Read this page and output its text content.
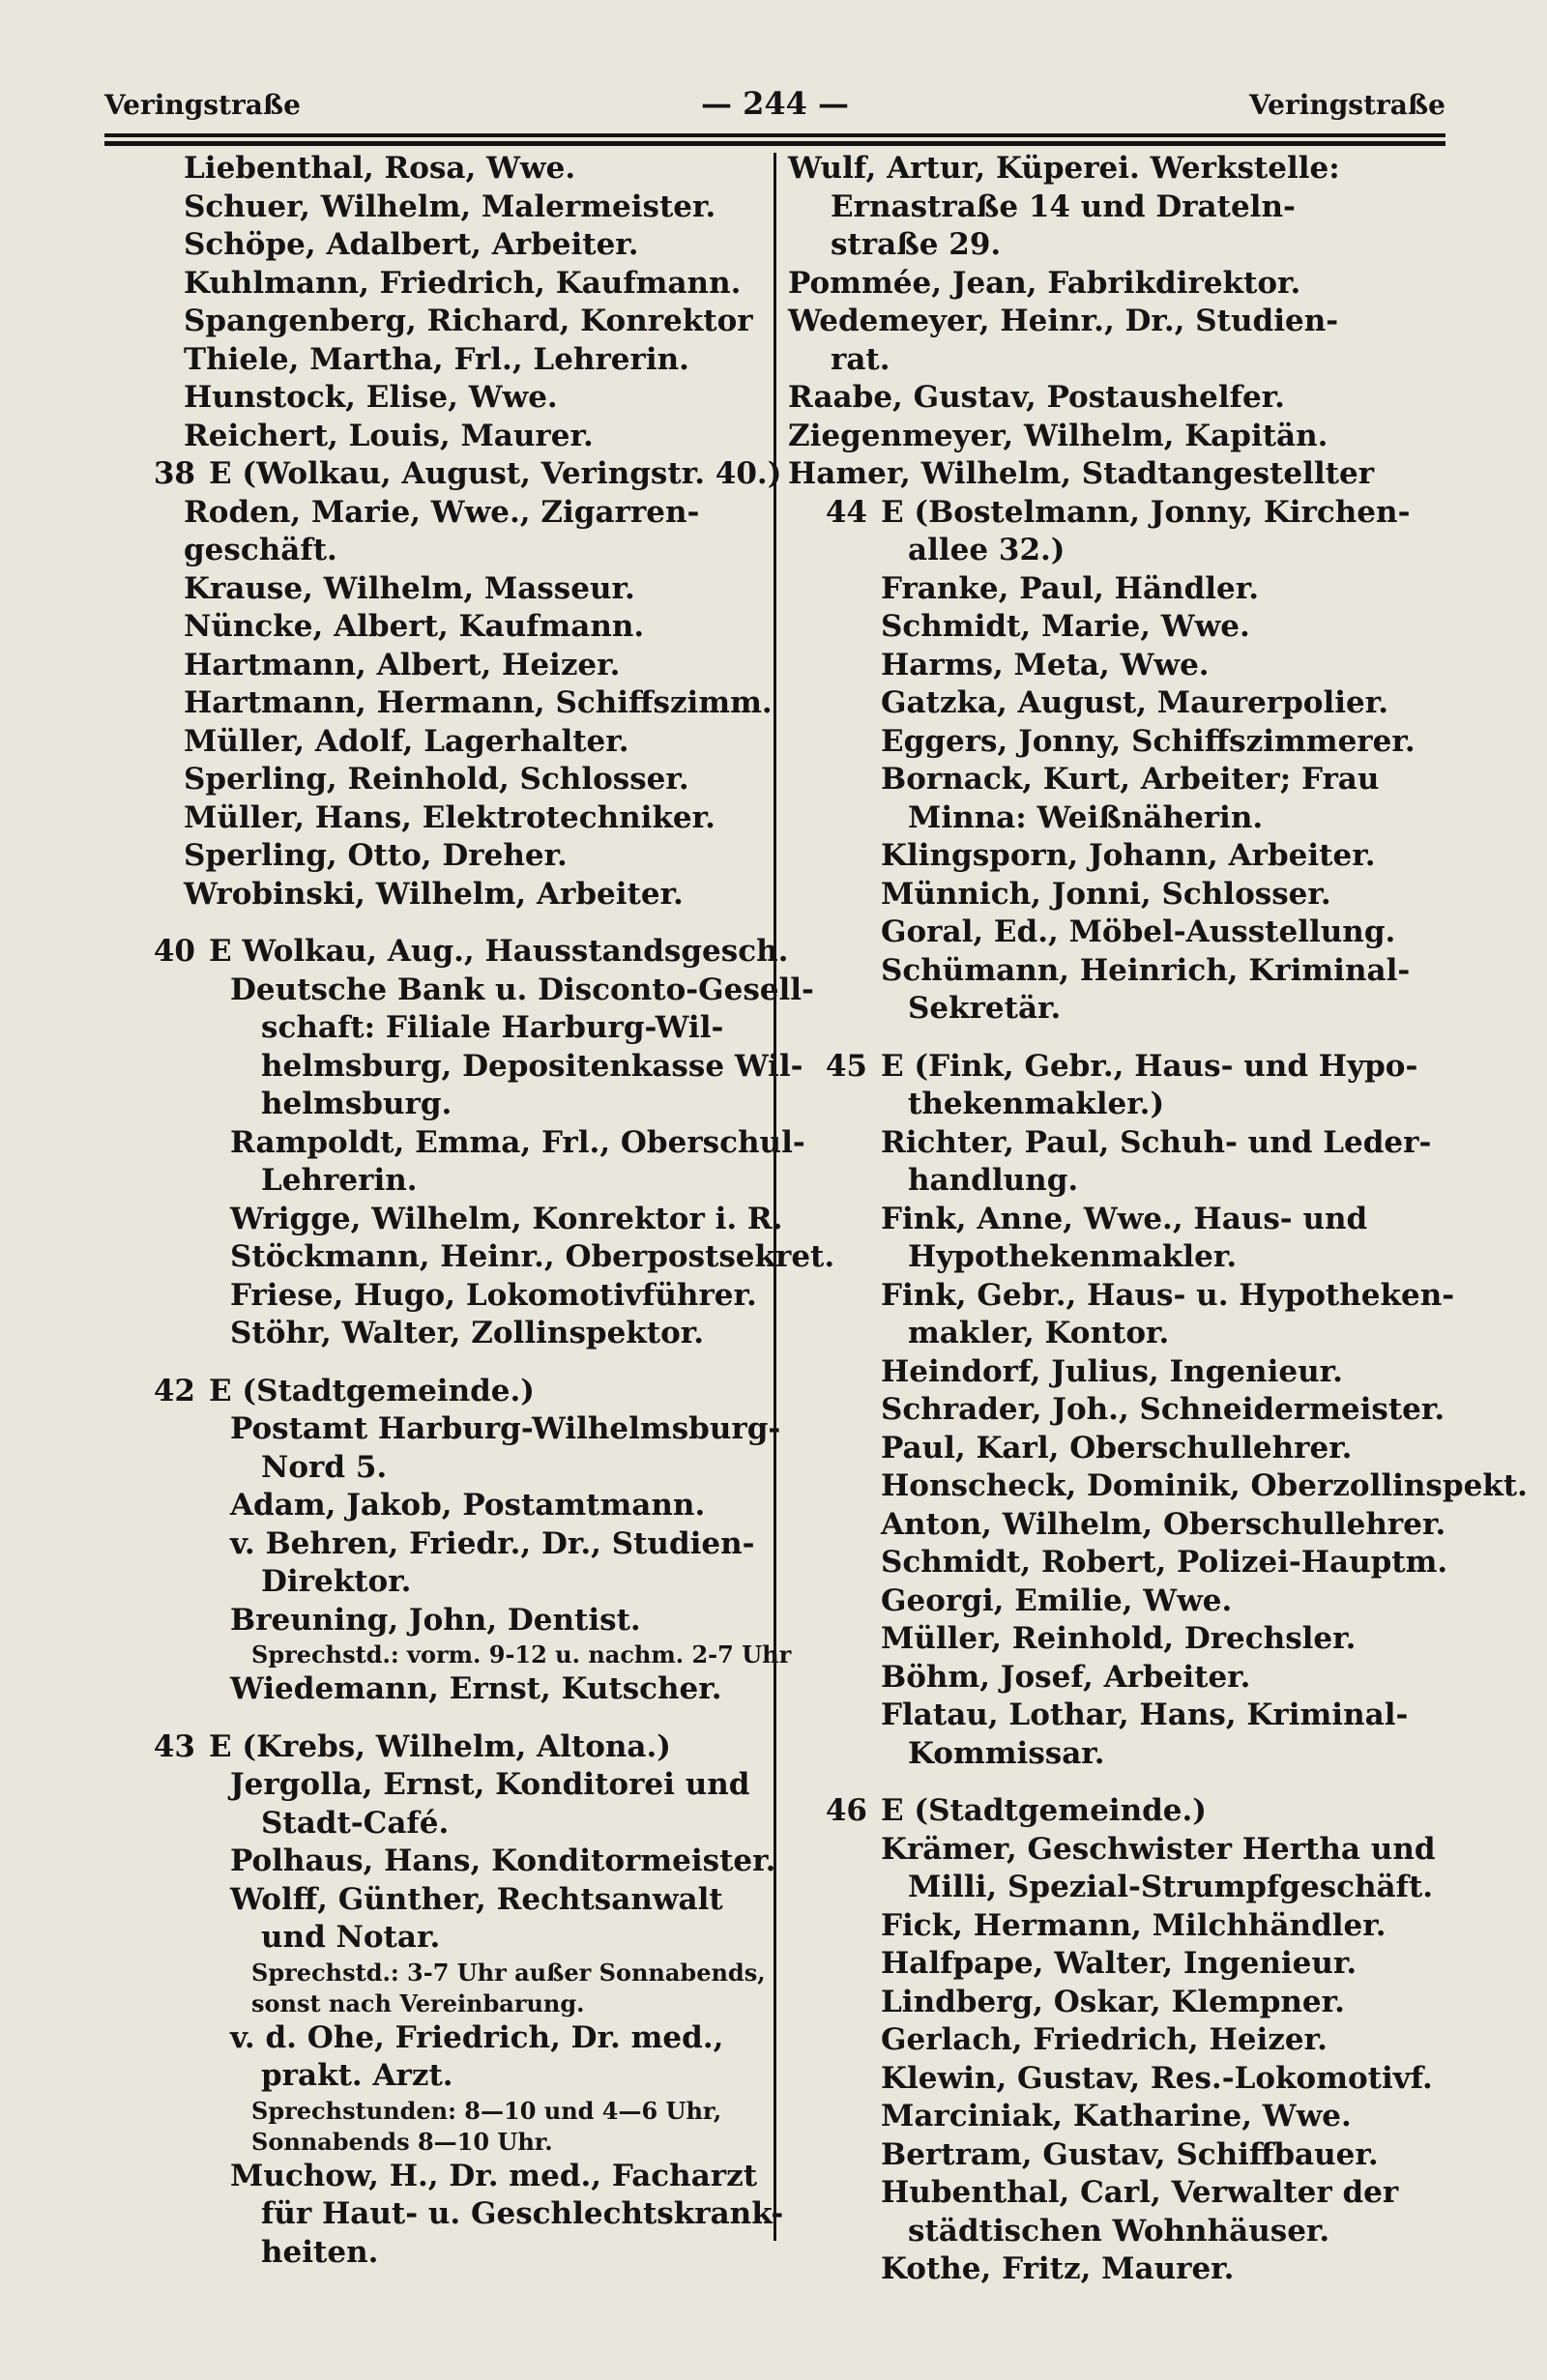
Veringstraße	— 244 —	Veringstraße
Liebenthal, Rosa, Wwe.
Schuer, Wilhelm, Malermeister.
Schöpe, Adalbert, Arbeiter.
Kuhlmann, Friedrich, Kaufmann.
Spangenberg, Richard, Konrektor
Thiele, Martha, Frl., Lehrerin.
Hunstock, Elise, Wwe.
Reichert, Louis, Maurer.
38 E (Wolkau, August, Veringstr. 40.)
Roden, Marie, Wwe., Zigarren-
geschäft.
Krause, Wilhelm, Masseur.
Nüncke, Albert, Kaufmann.
Hartmann, Albert, Heizer.
Hartmann, Hermann, Schiffszimm.
Müller, Adolf, Lagerhalter.
Sperling, Reinhold, Schlosser.
Müller, Hans, Elektrotechniker.
Sperling, Otto, Dreher.
Wrobinski, Wilhelm, Arbeiter.
40 E Wolkau, Aug., Hausstandsgesch.
Deutsche Bank u. Disconto-Gesell-
schaft: Filiale Harburg-Wil-
helmsburg, Depositenkasse Wil-
helmsburg.
Rampoldt, Emma, Frl., Oberschul-
Lehrerin.
Wrigge, Wilhelm, Konrektor i. R.
Stöckmann, Heinr., Oberpostsekret.
Friese, Hugo, Lokomotivführer.
Stöhr, Walter, Zollinspektor.
42 E (Stadtgemeinde.)
Postamt Harburg-Wilhelmsburg-
Nord 5.
Adam, Jakob, Postamtmann.
v. Behren, Friedr., Dr., Studien-
Direktor.
Breuning, John, Dentist.
Sprechstd.: vorm. 9-12 u. nachm. 2-7 Uhr
Wiedemann, Ernst, Kutscher.
43 E (Krebs, Wilhelm, Altona.)
Jergolla, Ernst, Konditorei und
Stadt-Café.
Polhaus, Hans, Konditormeister.
Wolff, Günther, Rechtsanwalt
und Notar.
Sprechstd.: 3-7 Uhr außer Sonnabends,
sonst nach Vereinbarung.
v. d. Ohe, Friedrich, Dr. med.,
prakt. Arzt.
Sprechstunden: 8—10 und 4—6 Uhr,
Sonnabends 8—10 Uhr.
Muchow, H., Dr. med., Facharzt
für Haut- u. Geschlechtskrank-
heiten.
Wulf, Artur, Küperei. Werkstelle:
Ernastraße 14 und Drateln-
straße 29.
Pommée, Jean, Fabrikdirektor.
Wedemeyer, Heinr., Dr., Studien-
rat.
Raabe, Gustav, Postaushelfer.
Ziegenmeyer, Wilhelm, Kapitän.
Hamer, Wilhelm, Stadtangestellter
44 E (Bostelmann, Jonny, Kirchen-
allee 32.)
Franke, Paul, Händler.
Schmidt, Marie, Wwe.
Harms, Meta, Wwe.
Gatzka, August, Maurerpolier.
Eggers, Jonny, Schiffszimmerer.
Bornack, Kurt, Arbeiter; Frau
Minna: Weißnäherin.
Klingsporn, Johann, Arbeiter.
Münnich, Jonni, Schlosser.
Goral, Ed., Möbel-Ausstellung.
Schümann, Heinrich, Kriminal-
Sekretär.
45 E (Fink, Gebr., Haus- und Hypo-
thekenmakler.)
Richter, Paul, Schuh- und Leder-
handlung.
Fink, Anne, Wwe., Haus- und
Hypothekenmakler.
Fink, Gebr., Haus- u. Hypotheken-
makler, Kontor.
Heindorf, Julius, Ingenieur.
Schrader, Joh., Schneidermeister.
Paul, Karl, Oberschullehrer.
Honscheck, Dominik, Oberzollinspekt.
Anton, Wilhelm, Oberschullehrer.
Schmidt, Robert, Polizei-Hauptm.
Georgi, Emilie, Wwe.
Müller, Reinhold, Drechsler.
Böhm, Josef, Arbeiter.
Flatau, Lothar, Hans, Kriminal-
Kommissar.
46 E (Stadtgemeinde.)
Krämer, Geschwister Hertha und
Milli, Spezial-Strumpfgeschäft.
Fick, Hermann, Milchhändler.
Halfpape, Walter, Ingenieur.
Lindberg, Oskar, Klempner.
Gerlach, Friedrich, Heizer.
Klewin, Gustav, Res.-Lokomotivf.
Marciniak, Katharine, Wwe.
Bertram, Gustav, Schiffbauer.
Hubenthal, Carl, Verwalter der
städtischen Wohnhäuser.
Kothe, Fritz, Maurer.
